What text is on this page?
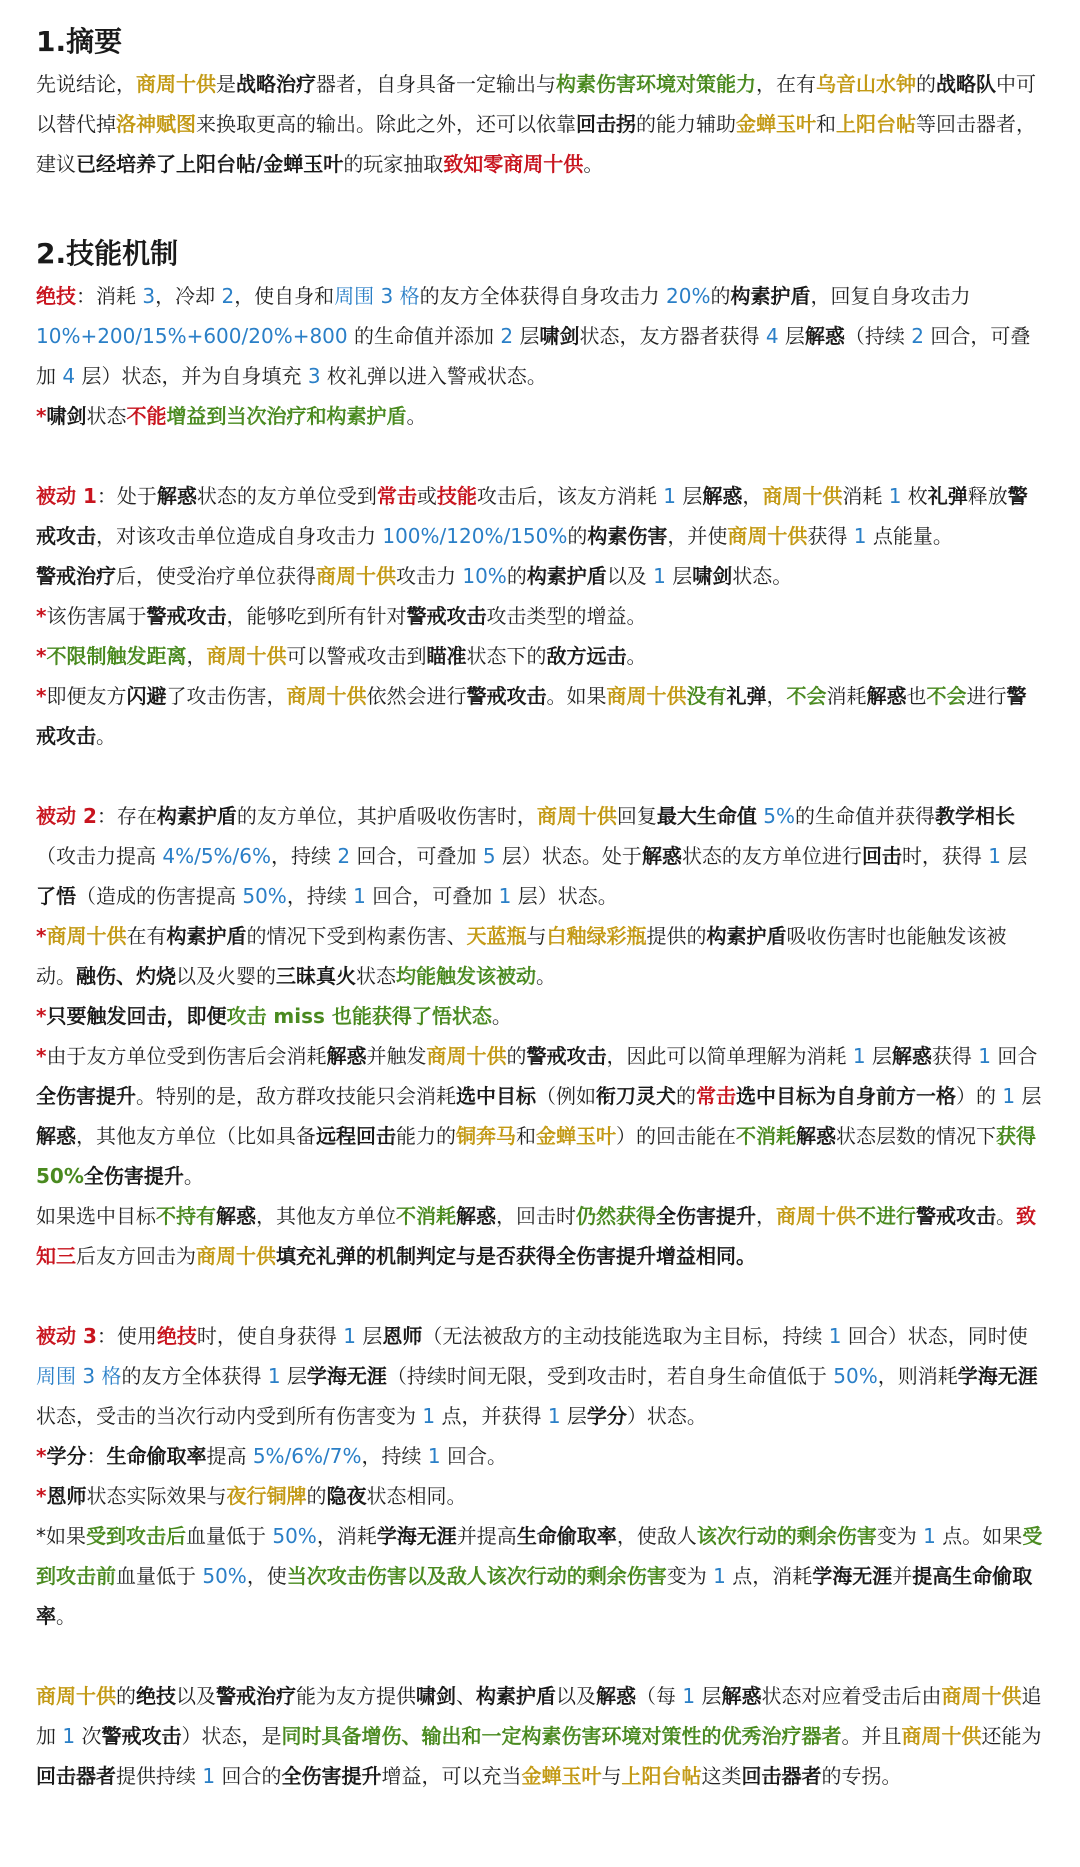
1.摘要

先说结论，商周十供是战略治疗器者，自身具备一定输出与构素伤害环境对策能力，在有乌音山水钟的战略队中可以替代掉洛神赋图来换取更高的输出。除此之外，还可以依靠回击拐的能力辅助金蝉玉叶和上阳台帖等回击器者，建议已经培养了上阳台帖/金蝉玉叶的玩家抽取致知零商周十供。

2.技能机制

绝技：消耗 3，冷却 2，使自身和周围 3 格的友方全体获得自身攻击力 20%的构素护盾，回复自身攻击力 10%+200/15%+600/20%+800 的生命值并添加 2 层啸剑状态，友方器者获得 4 层解惑（持续 2 回合，可叠加 4 层）状态，并为自身填充 3 枚礼弹以进入警戒状态。

*啸剑状态不能增益到当次治疗和构素护盾。

被动 1：处于解惑状态的友方单位受到常击或技能攻击后，该友方消耗 1 层解惑，商周十供消耗 1 枚礼弹释放警戒攻击，对该攻击单位造成自身攻击力 100%/120%/150%的构素伤害，并使商周十供获得 1 点能量。

警戒治疗后，使受治疗单位获得商周十供攻击力 10%的构素护盾以及 1 层啸剑状态。

*该伤害属于警戒攻击，能够吃到所有针对警戒攻击攻击类型的增益。

*不限制触发距离，商周十供可以警戒攻击到瞄准状态下的敌方远击。

*即便友方闪避了攻击伤害，商周十供依然会进行警戒攻击。如果商周十供没有礼弹，不会消耗解惑也不会进行警戒攻击。

被动 2：存在构素护盾的友方单位，其护盾吸收伤害时，商周十供回复最大生命值 5%的生命值并获得教学相长（攻击力提高 4%/5%/6%，持续 2 回合，可叠加 5 层）状态。处于解惑状态的友方单位进行回击时，获得 1 层了悟（造成的伤害提高 50%，持续 1 回合，可叠加 1 层）状态。

*商周十供在有构素护盾的情况下受到构素伤害、天蓝瓶与白釉绿彩瓶提供的构素护盾吸收伤害时也能触发该被动。融伤、灼烧以及火婴的三昧真火状态均能触发该被动。

*只要触发回击，即便攻击 miss 也能获得了悟状态。

*由于友方单位受到伤害后会消耗解惑并触发商周十供的警戒攻击，因此可以简单理解为消耗 1 层解惑获得 1 回合全伤害提升。特别的是，敌方群攻技能只会消耗选中目标（例如衔刀灵犬的常击选中目标为自身前方一格）的 1 层解惑，其他友方单位（比如具备远程回击能力的铜奔马和金蝉玉叶）的回击能在不消耗解惑状态层数的情况下获得 50%全伤害提升。

如果选中目标不持有解惑，其他友方单位不消耗解惑，回击时仍然获得全伤害提升，商周十供不进行警戒攻击。致知三后友方回击为商周十供填充礼弹的机制判定与是否获得全伤害提升增益相同。

被动 3：使用绝技时，使自身获得 1 层恩师（无法被敌方的主动技能选取为主目标，持续 1 回合）状态，同时使周围 3 格的友方全体获得 1 层学海无涯（持续时间无限，受到攻击时，若自身生命值低于 50%，则消耗学海无涯状态，受击的当次行动内受到所有伤害变为 1 点，并获得 1 层学分）状态。

*学分：生命偷取率提高 5%/6%/7%，持续 1 回合。

*恩师状态实际效果与夜行铜牌的隐夜状态相同。

*如果受到攻击后血量低于 50%，消耗学海无涯并提高生命偷取率，使敌人该次行动的剩余伤害变为 1 点。如果受到攻击前血量低于 50%，使当次攻击伤害以及敌人该次行动的剩余伤害变为 1 点，消耗学海无涯并提高生命偷取率。

商周十供的绝技以及警戒治疗能为友方提供啸剑、构素护盾以及解惑（每 1 层解惑状态对应着受击后由商周十供追加 1 次警戒攻击）状态，是同时具备增伤、输出和一定构素伤害环境对策性的优秀治疗器者。并且商周十供还能为回击器者提供持续 1 回合的全伤害提升增益，可以充当金蝉玉叶与上阳台帖这类回击器者的专拐。
